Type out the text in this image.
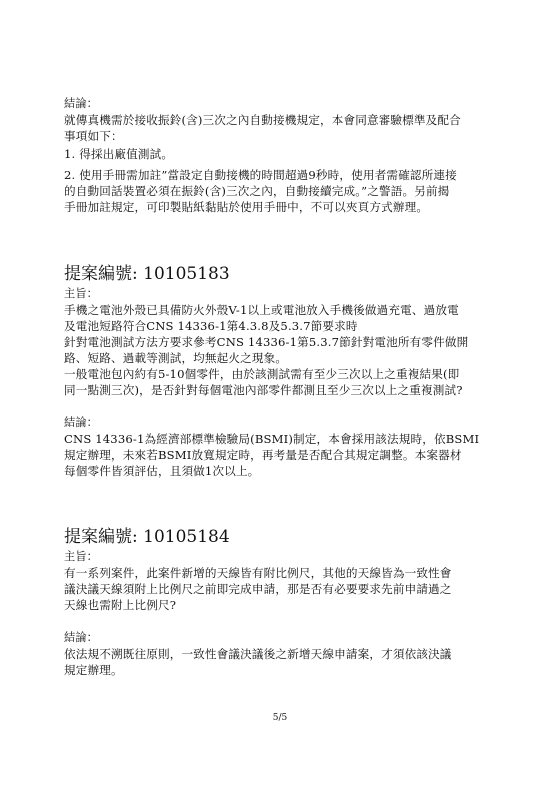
結論：
就傳真機需於接收振鈴(含)三次之內自動接機規定，本會同意審驗標準及配合
事項如下：
1. 得採出廠值測試。
2. 使用手冊需加註”當設定自動接機的時間超過9秒時，使用者需確認所連接
的自動回話裝置必須在振鈴(含)三次之內，自動接續完成。”之警語。另前揭
手冊加註規定，可印製貼紙黏貼於使用手冊中，不可以夾頁方式辦理。
提案編號: 10105183
主旨：
手機之電池外殼已具備防火外殼V-1以上或電池放入手機後做過充電、過放電
及電池短路符合CNS 14336-1第4.3.8及5.3.7節要求時
針對電池測試方法方要求參考CNS 14336-1第5.3.7節針對電池所有零件做開
路、短路、過載等測試，均無起火之現象。
一般電池包內約有5-10個零件，由於該測試需有至少三次以上之重複結果(即
同一點測三次)，是否針對每個電池內部零件都測且至少三次以上之重複測試?
結論：
CNS 14336-1為經濟部標準檢驗局(BSMI)制定，本會採用該法規時，依BSMI
規定辦理，未來若BSMI放寬規定時，再考量是否配合其規定調整。本案器材
每個零件皆須評估，且須做1次以上。
提案編號: 10105184
主旨：
有一系列案件，此案件新增的天線皆有附比例尺，其他的天線皆為一致性會
議決議天線須附上比例尺之前即完成申請，那是否有必要要求先前申請過之
天線也需附上比例尺?
結論：
依法規不溯既往原則，一致性會議決議後之新增天線申請案，才須依該決議
規定辦理。
5/5
